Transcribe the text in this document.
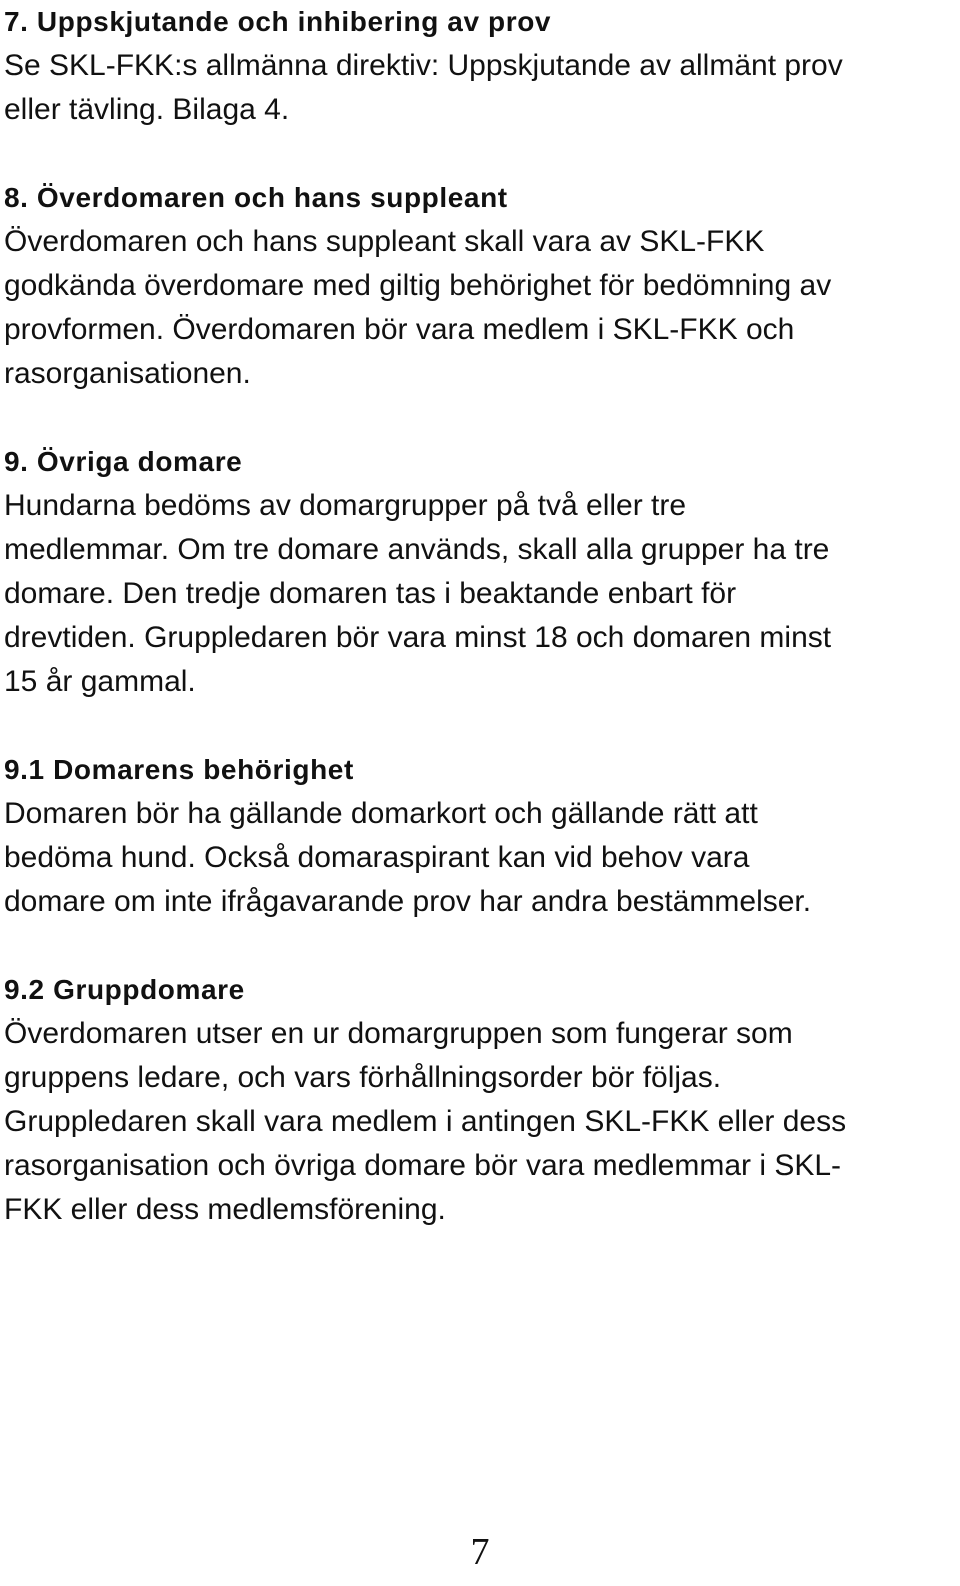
7. Uppskjutande och inhibering av prov

Se SKL-FKK:s allmänna direktiv: Uppskjutande av allmänt prov
eller tävling. Bilaga 4.

8. Överdomaren och hans suppleant

Överdomaren och hans suppleant skall vara av SKL-FKK
godkända överdomare med giltig behörighet för bedömning av
provformen. Överdomaren bör vara medlem i SKL-FKK och
rasorganisationen.

9. Övriga domare

Hundarna bedöms av domargrupper på två eller tre
medlemmar. Om tre domare används, skall alla grupper ha tre
domare. Den tredje domaren tas i beaktande enbart för
drevtiden. Gruppledaren bör vara minst 18 och domaren minst
15 år gammal.

9.1 Domarens behörighet

Domaren bör ha gällande domarkort och gällande rätt att
bedöma hund. Också domaraspirant kan vid behov vara
domare om inte ifrågavarande prov har andra bestämmelser.

9.2 Gruppdomare

Överdomaren utser en ur domargruppen som fungerar som
gruppens ledare, och vars förhållningsorder bör följas.
Gruppledaren skall vara medlem i antingen SKL-FKK eller dess
rasorganisation och övriga domare bör vara medlemmar i SKL-
FKK eller dess medlemsförening.

7
